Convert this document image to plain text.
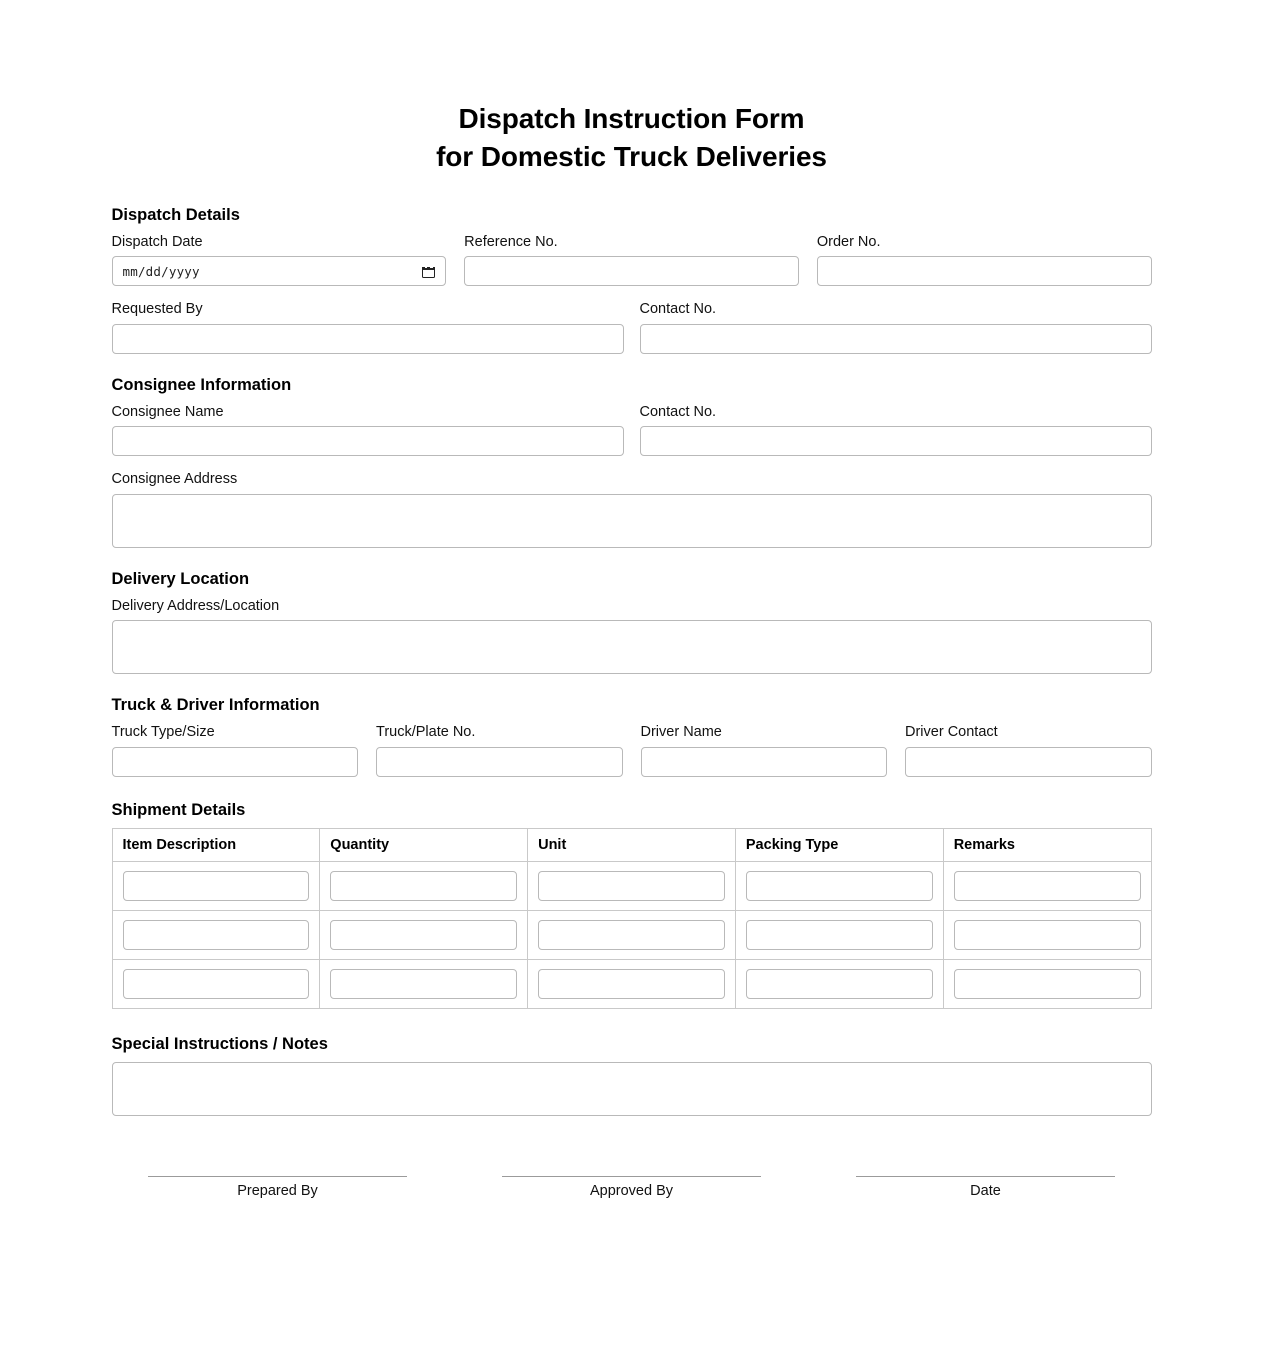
Dispatch Instruction Form
for Domestic Truck Deliveries
Dispatch Details
Dispatch Date
mm/dd/yyyy
Reference No.	Order No.
Requested By	Contact No.
Consignee Information
Consignee Name	Contact No.
Consignee Address
Delivery Location
Delivery Address/Location
Truck & Driver Information
Truck Type/Size	Truck/Plate No.	Driver Name	Driver Contact
Shipment Details
Item Description	Quantity	Unit	Packing Type	Remarks

Special Instructions / Notes
Prepared By	Approved By	Date
